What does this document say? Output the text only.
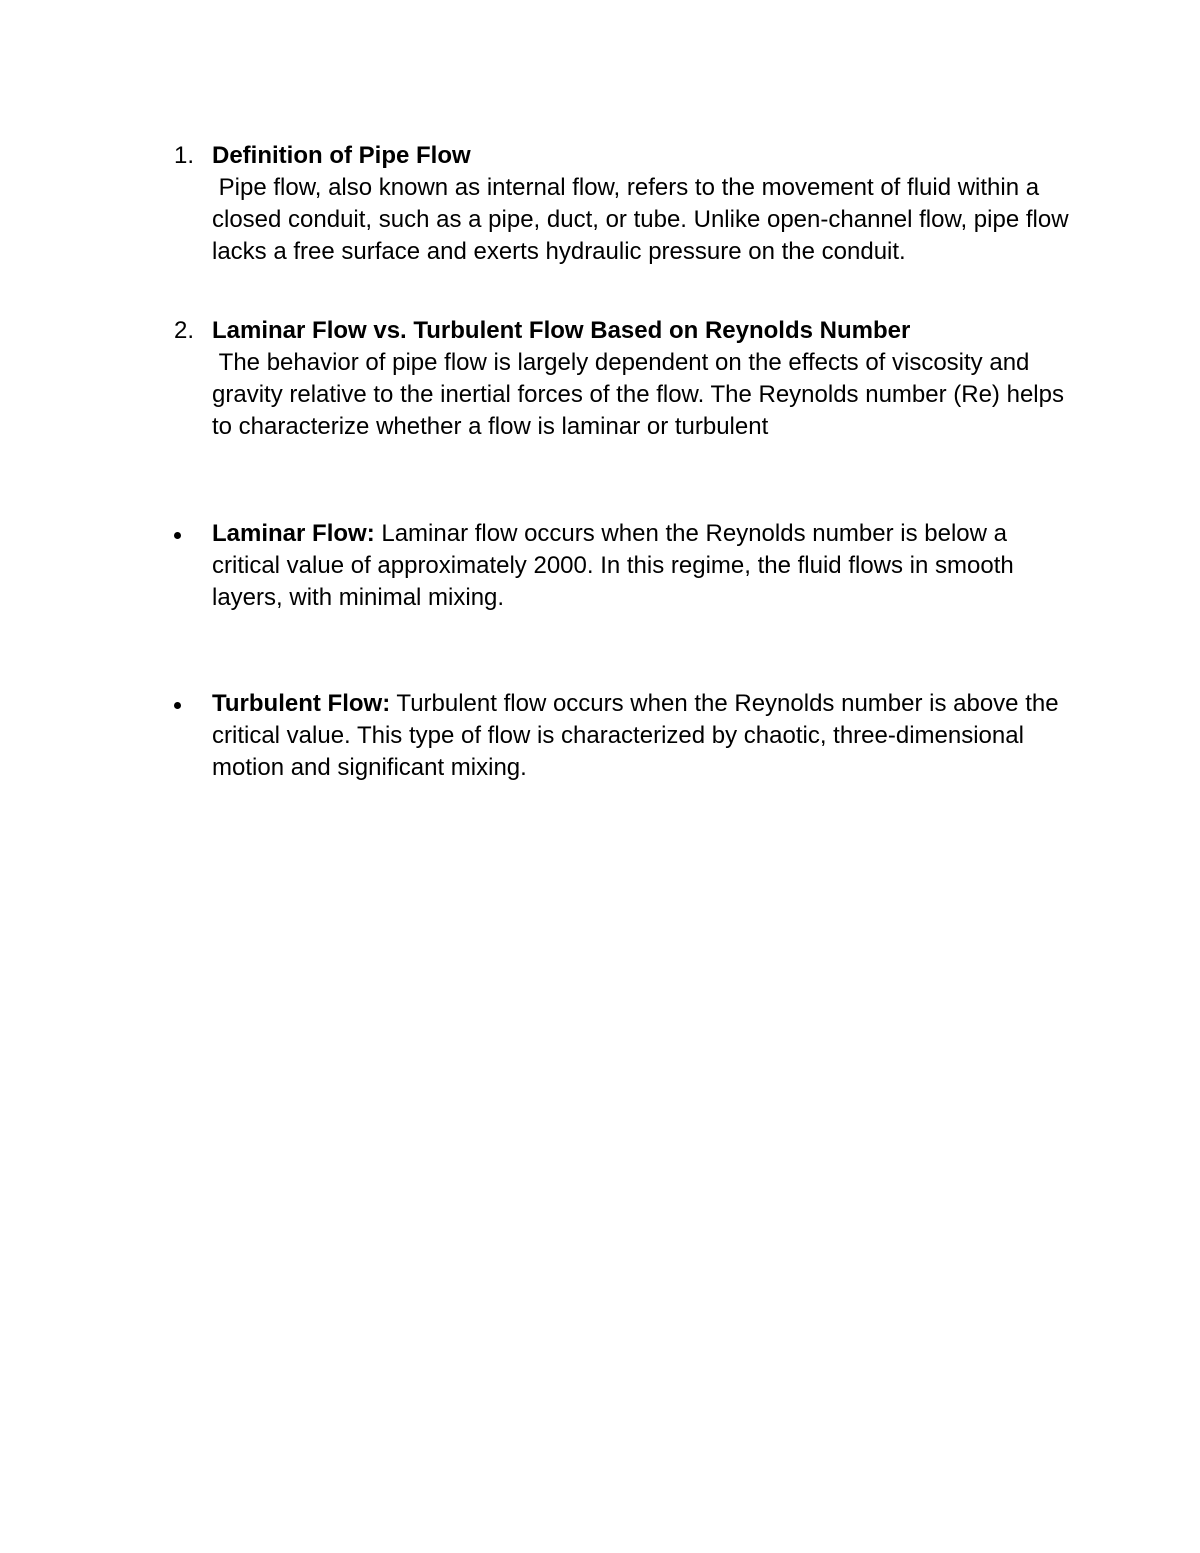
1. Definition of Pipe Flow
Pipe flow, also known as internal flow, refers to the movement of fluid within a closed conduit, such as a pipe, duct, or tube. Unlike open-channel flow, pipe flow lacks a free surface and exerts hydraulic pressure on the conduit.
2. Laminar Flow vs. Turbulent Flow Based on Reynolds Number
The behavior of pipe flow is largely dependent on the effects of viscosity and gravity relative to the inertial forces of the flow. The Reynolds number (Re) helps to characterize whether a flow is laminar or turbulent
Laminar Flow: Laminar flow occurs when the Reynolds number is below a critical value of approximately 2000. In this regime, the fluid flows in smooth layers, with minimal mixing.
Turbulent Flow: Turbulent flow occurs when the Reynolds number is above the critical value. This type of flow is characterized by chaotic, three-dimensional motion and significant mixing.
